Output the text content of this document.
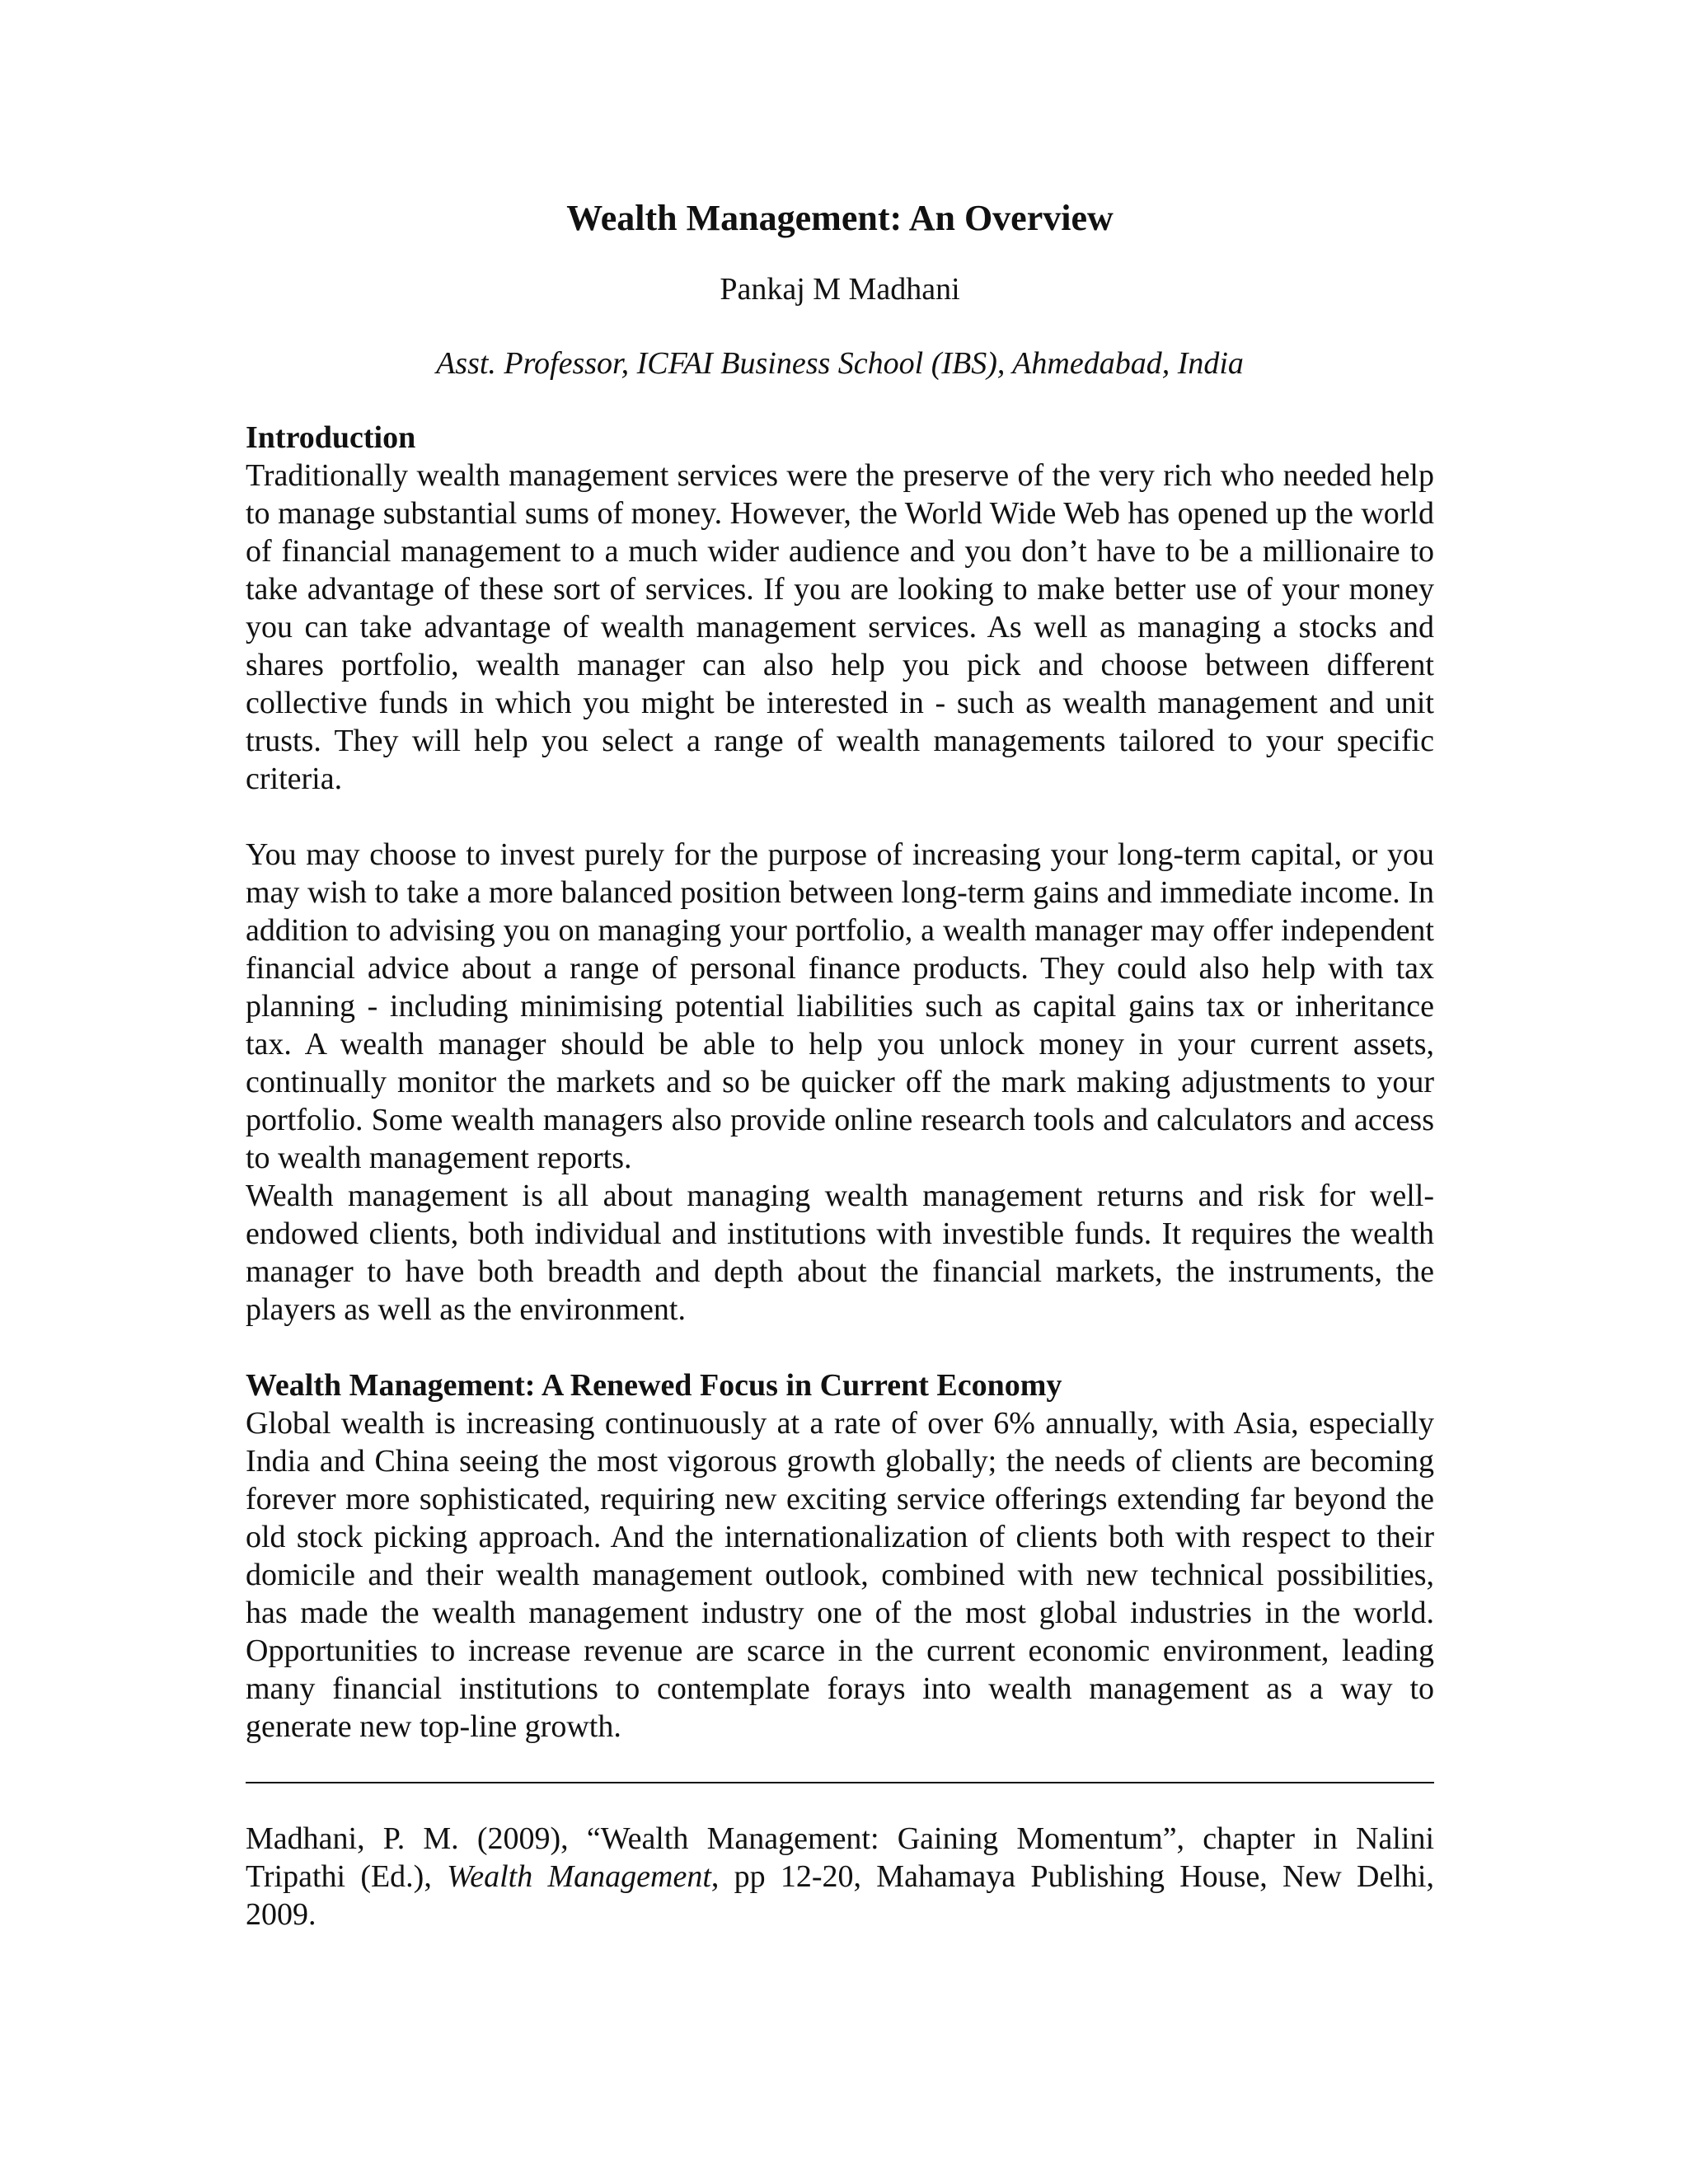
Wealth Management: An Overview

Pankaj M Madhani

Asst. Professor, ICFAI Business School (IBS), Ahmedabad, India

Introduction

Traditionally wealth management services were the preserve of the very rich who needed help to manage substantial sums of money. However, the World Wide Web has opened up the world of financial management to a much wider audience and you don’t have to be a millionaire to take advantage of these sort of services. If you are looking to make better use of your money you can take advantage of wealth management services. As well as managing a stocks and shares portfolio, wealth manager can also help you pick and choose between different collective funds in which you might be interested in - such as wealth management and unit trusts. They will help you select a range of wealth managements tailored to your specific criteria.

You may choose to invest purely for the purpose of increasing your long-term capital, or you may wish to take a more balanced position between long-term gains and immediate income. In addition to advising you on managing your portfolio, a wealth manager may offer independent financial advice about a range of personal finance products. They could also help with tax planning - including minimising potential liabilities such as capital gains tax or inheritance tax. A wealth manager should be able to help you unlock money in your current assets, continually monitor the markets and so be quicker off the mark making adjustments to your portfolio. Some wealth managers also provide online research tools and calculators and access to wealth management reports.

Wealth management is all about managing wealth management returns and risk for well-endowed clients, both individual and institutions with investible funds. It requires the wealth manager to have both breadth and depth about the financial markets, the instruments, the players as well as the environment.

Wealth Management: A Renewed Focus in Current Economy

Global wealth is increasing continuously at a rate of over 6% annually, with Asia, especially India and China seeing the most vigorous growth globally; the needs of clients are becoming forever more sophisticated, requiring new exciting service offerings extending far beyond the old stock picking approach. And the internationalization of clients both with respect to their domicile and their wealth management outlook, combined with new technical possibilities, has made the wealth management industry one of the most global industries in the world. Opportunities to increase revenue are scarce in the current economic environment, leading many financial institutions to contemplate forays into wealth management as a way to generate new top-line growth.

Madhani, P. M. (2009), “Wealth Management: Gaining Momentum”, chapter in Nalini Tripathi (Ed.), Wealth Management, pp 12-20, Mahamaya Publishing House, New Delhi, 2009.
